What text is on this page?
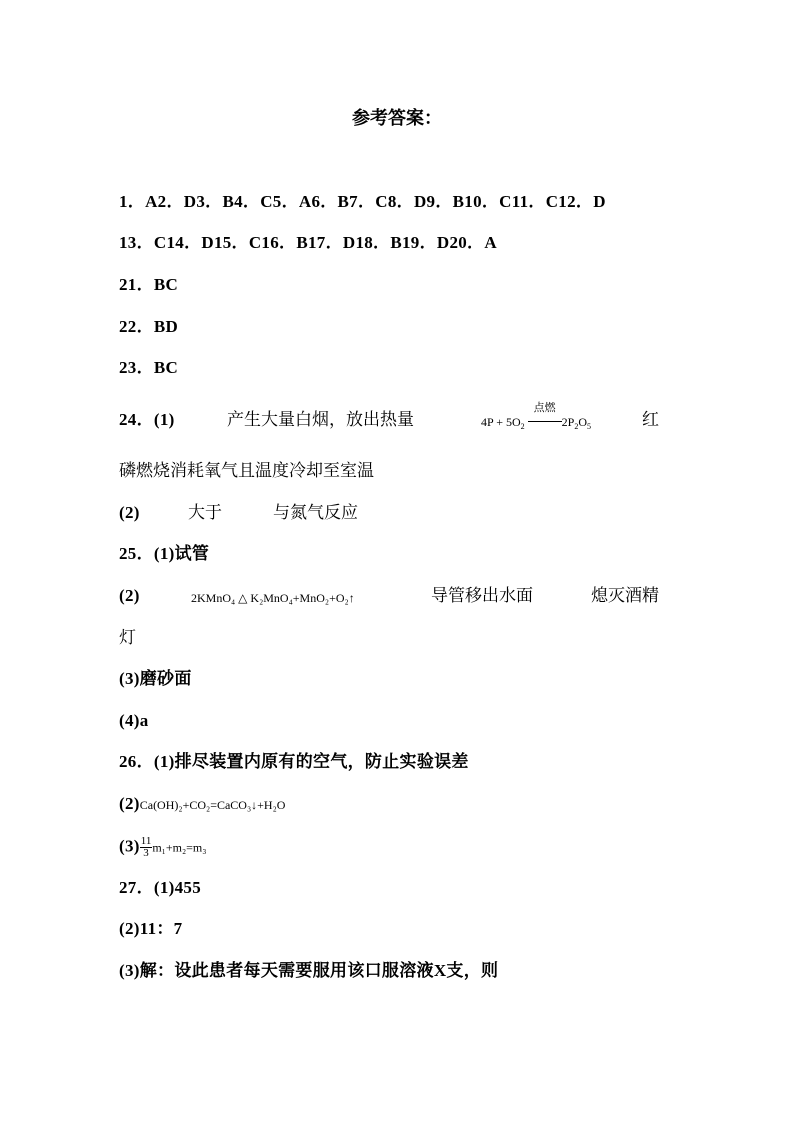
参考答案：
1．A2．D3．B4．C5．A6．B7．C8．D9．B10．C11．C12．D
13．C14．D15．C16．B17．D18．B19．D20．A
21．BC
22．BD
23．BC
24．(1)	产生大量白烟，放出热量	$4P + 5O_2$
点燃
$2P_2O_5$	红
磷燃烧消耗氧气且温度冷却至室温
(2)	大于	与氮气反应
25．(1)试管
(2)	2KMnO₄ △ K₂MnO₄+MnO₂+O₂↑	导管移出水面	熄灭酒精
灯
(3)磨砂面
(4)a
26．(1)排尽装置内原有的空气，防止实验误差
(2)Ca(OH)₂+CO₂=CaCO₃↓+H₂O
$(3) \frac{11}{3} m_1+m_2=m_3$
27．(1)455
(2)11：7
(3)解：设此患者每天需要服用该口服溶液X支，则
